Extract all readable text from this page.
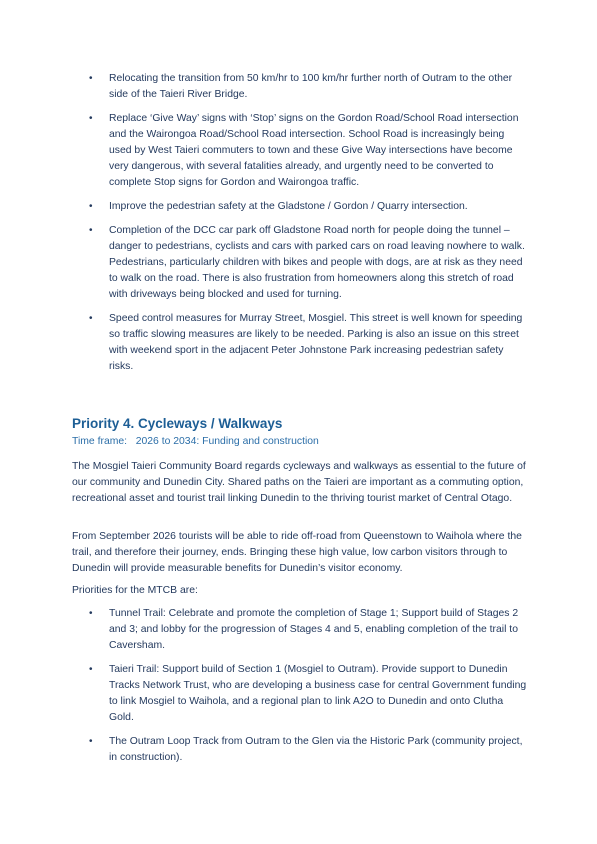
• Relocating the transition from 50 km/hr to 100 km/hr further north of Outram to the other side of the Taieri River Bridge.
• Replace ‘Give Way’ signs with ‘Stop’ signs on the Gordon Road/School Road intersection and the Wairongoa Road/School Road intersection. School Road is increasingly being used by West Taieri commuters to town and these Give Way intersections have become very dangerous, with several fatalities already, and urgently need to be converted to complete Stop signs for Gordon and Wairongoa traffic.
• Improve the pedestrian safety at the Gladstone / Gordon / Quarry intersection.
• Completion of the DCC car park off Gladstone Road north for people doing the tunnel – danger to pedestrians, cyclists and cars with parked cars on road leaving nowhere to walk. Pedestrians, particularly children with bikes and people with dogs, are at risk as they need to walk on the road. There is also frustration from homeowners along this stretch of road with driveways being blocked and used for turning.
• Speed control measures for Murray Street, Mosgiel. This street is well known for speeding so traffic slowing measures are likely to be needed. Parking is also an issue on this street with weekend sport in the adjacent Peter Johnstone Park increasing pedestrian safety risks.
Priority 4. Cycleways / Walkways
Time frame:   2026 to 2034: Funding and construction

The Mosgiel Taieri Community Board regards cycleways and walkways as essential to the future of our community and Dunedin City. Shared paths on the Taieri are important as a commuting option, recreational asset and tourist trail linking Dunedin to the thriving tourist market of Central Otago.

From September 2026 tourists will be able to ride off-road from Queenstown to Waihola where the trail, and therefore their journey, ends. Bringing these high value, low carbon visitors through to Dunedin will provide measurable benefits for Dunedin’s visitor economy.

Priorities for the MTCB are:

• Tunnel Trail: Celebrate and promote the completion of Stage 1; Support build of Stages 2 and 3; and lobby for the progression of Stages 4 and 5, enabling completion of the trail to Caversham.
• Taieri Trail: Support build of Section 1 (Mosgiel to Outram). Provide support to Dunedin Tracks Network Trust, who are developing a business case for central Government funding to link Mosgiel to Waihola, and a regional plan to link A2O to Dunedin and onto Clutha Gold.
• The Outram Loop Track from Outram to the Glen via the Historic Park (community project, in construction).
